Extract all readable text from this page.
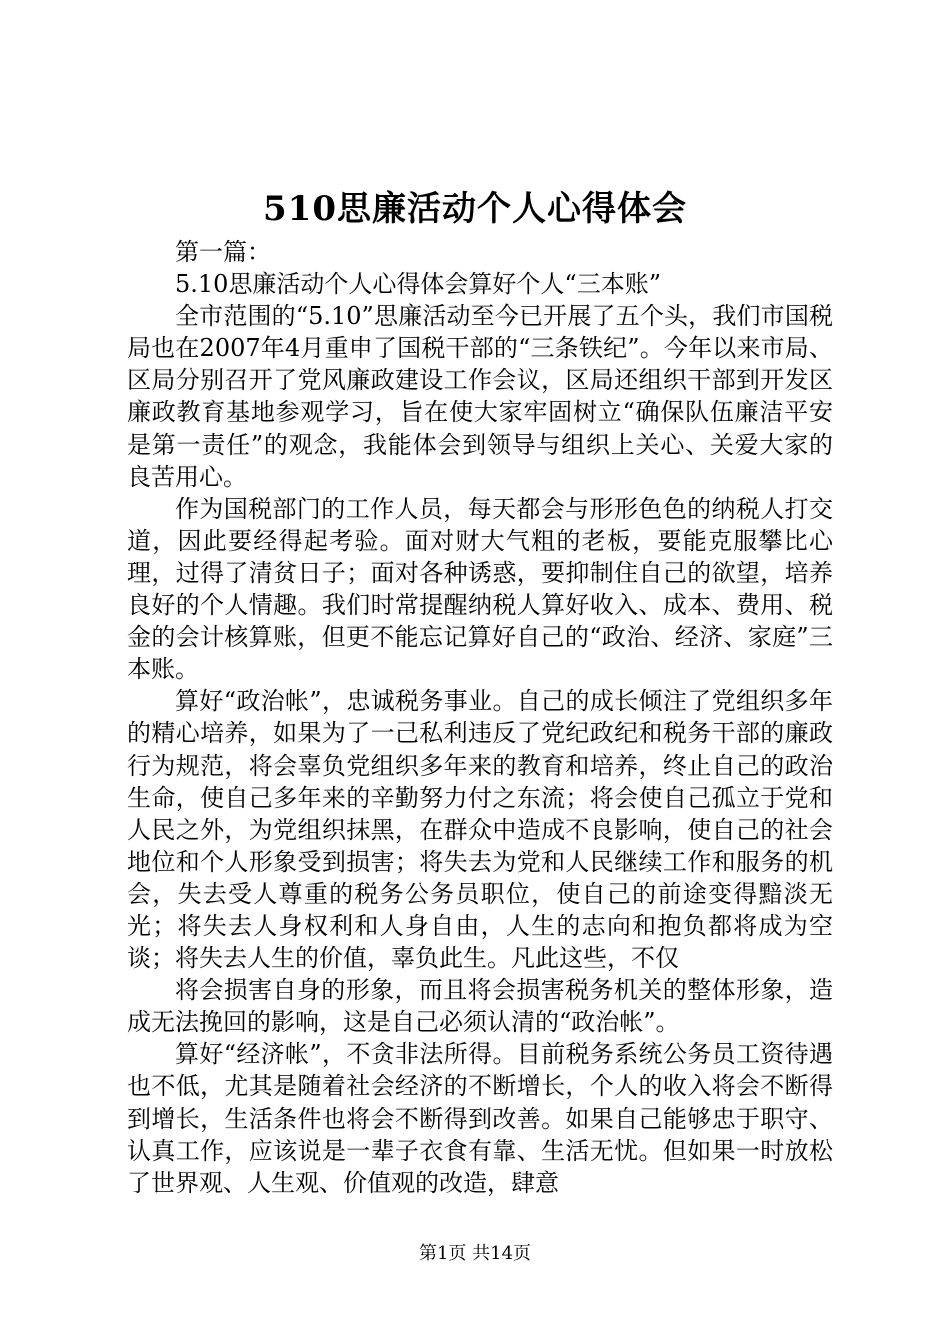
510思廉活动个人心得体会

第一篇：

5.10思廉活动个人心得体会算好个人“三本账”

全市范围的“5.10”思廉活动至今已开展了五个头，我们市国税局也在2007年4月重申了国税干部的“三条铁纪”。今年以来市局、区局分别召开了党风廉政建设工作会议，区局还组织干部到开发区廉政教育基地参观学习，旨在使大家牢固树立“确保队伍廉洁平安是第一责任”的观念，我能体会到领导与组织上关心、关爱大家的良苦用心。

作为国税部门的工作人员，每天都会与形形色色的纳税人打交道，因此要经得起考验。面对财大气粗的老板，要能克服攀比心理，过得了清贫日子；面对各种诱惑，要抑制住自己的欲望，培养良好的个人情趣。我们时常提醒纳税人算好收入、成本、费用、税金的会计核算账，但更不能忘记算好自己的“政治、经济、家庭”三本账。

算好“政治帐”，忠诚税务事业。自己的成长倾注了党组织多年的精心培养，如果为了一己私利违反了党纪政纪和税务干部的廉政行为规范，将会辜负党组织多年来的教育和培养，终止自己的政治生命，使自己多年来的辛勤努力付之东流；将会使自己孤立于党和人民之外，为党组织抹黑，在群众中造成不良影响，使自己的社会地位和个人形象受到损害；将失去为党和人民继续工作和服务的机会，失去受人尊重的税务公务员职位，使自己的前途变得黯淡无光；将失去人身权利和人身自由，人生的志向和抱负都将成为空谈；将失去人生的价值，辜负此生。凡此这些，不仅

将会损害自身的形象，而且将会损害税务机关的整体形象，造成无法挽回的影响，这是自己必须认清的“政治帐”。

算好“经济帐”，不贪非法所得。目前税务系统公务员工资待遇也不低，尤其是随着社会经济的不断增长，个人的收入将会不断得到增长，生活条件也将会不断得到改善。如果自己能够忠于职守、认真工作，应该说是一辈子衣食有靠、生活无忧。但如果一时放松了世界观、人生观、价值观的改造，肆意

第1页 共14页
